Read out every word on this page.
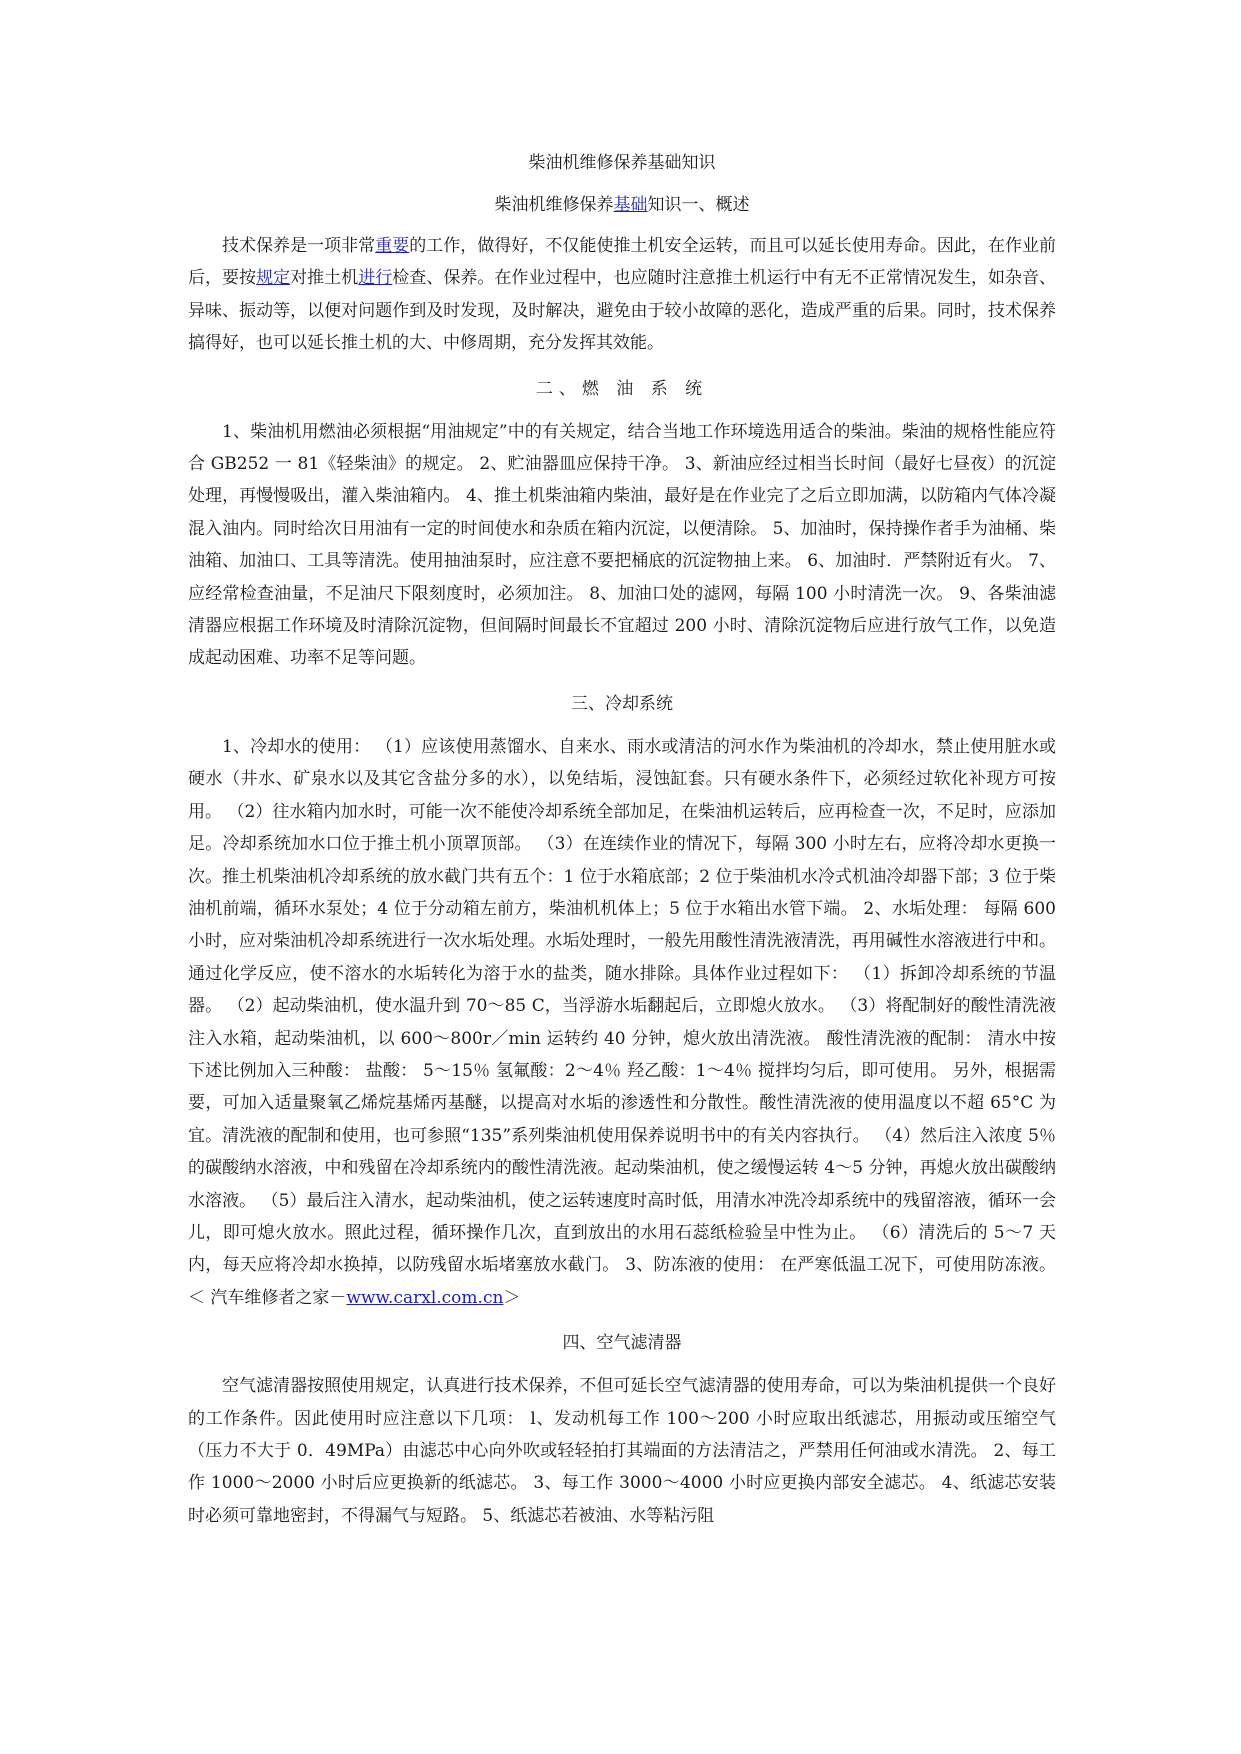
柴油机维修保养基础知识
柴油机维修保养基础知识一、概述

技术保养是一项非常重要的工作，做得好，不仅能使推土机安全运转，而且可以延长使用寿命。因此，在作业前后，要按规定对推土机进行检查、保养。在作业过程中，也应随时注意推土机运行中有无不正常情况发生，如杂音、异味、振动等，以便对问题作到及时发现，及时解决，避免由于较小故障的恶化，造成严重的后果。同时，技术保养搞得好，也可以延长推土机的大、中修周期，充分发挥其效能。

二、燃 油 系 统

1、柴油机用燃油必须根据“用油规定”中的有关规定，结合当地工作环境选用适合的柴油。柴油的规格性能应符合 GB252 一 81《轻柴油》的规定。 2、贮油器皿应保持干净。 3、新油应经过相当长时间（最好七昼夜）的沉淀处理，再慢慢吸出，灌入柴油箱内。 4、推土机柴油箱内柴油，最好是在作业完了之后立即加满，以防箱内气体冷凝混入油内。同时给次日用油有一定的时间使水和杂质在箱内沉淀，以便清除。 5、加油时，保持操作者手为油桶、柴油箱、加油口、工具等清洗。使用抽油泵时，应注意不要把桶底的沉淀物抽上来。 6、加油时．严禁附近有火。 7、应经常检查油量，不足油尺下限刻度时，必须加注。 8、加油口处的滤网，每隔 100 小时清洗一次。 9、各柴油滤清器应根据工作环境及时清除沉淀物，但间隔时间最长不宜超过 200 小时、清除沉淀物后应进行放气工作，以免造成起动困难、功率不足等问题。

三、冷却系统

1、冷却水的使用： （1）应该使用蒸馏水、自来水、雨水或清洁的河水作为柴油机的冷却水，禁止使用脏水或硬水（井水、矿泉水以及其它含盐分多的水），以免结垢，浸蚀缸套。只有硬水条件下，必须经过软化补现方可按用。 （2）往水箱内加水时，可能一次不能使冷却系统全部加足，在柴油机运转后，应再检查一次，不足时，应添加足。冷却系统加水口位于推土机小顶罩顶部。 （3）在连续作业的情况下，每隔 300 小时左右，应将冷却水更换一次。推土机柴油机冷却系统的放水截门共有五个：1 位于水箱底部；2 位于柴油机水冷式机油冷却器下部；3 位于柴油机前端，循环水泵处；4 位于分动箱左前方，柴油机机体上；5 位于水箱出水管下端。 2、水垢处理： 每隔 600 小时，应对柴油机冷却系统进行一次水垢处理。水垢处理时，一般先用酸性清洗液清洗，再用碱性水溶液进行中和。通过化学反应，使不溶水的水垢转化为溶于水的盐类，随水排除。具体作业过程如下： （1）拆卸冷却系统的节温器。 （2）起动柴油机，使水温升到 70～85 C，当浮游水垢翻起后，立即熄火放水。 （3）将配制好的酸性清洗液注入水箱，起动柴油机，以 600～800r／min 运转约 40 分钟，熄火放出清洗液。 酸性清洗液的配制： 清水中按下述比例加入三种酸： 盐酸： 5～15％ 氢氟酸：2～4％ 羟乙酸：1～4％ 搅拌均匀后，即可使用。 另外，根据需要，可加入适量聚氧乙烯烷基烯丙基醚，以提高对水垢的渗透性和分散性。酸性清洗液的使用温度以不超 65°C 为宜。清洗液的配制和使用，也可参照“135”系列柴油机使用保养说明书中的有关内容执行。 （4）然后注入浓度 5％的碳酸纳水溶液，中和残留在冷却系统内的酸性清洗液。起动柴油机，使之缓慢运转 4～5 分钟，再熄火放出碳酸纳水溶液。 （5）最后注入清水，起动柴油机，使之运转速度时高时低，用清水冲洗冷却系统中的残留溶液，循环一会儿，即可熄火放水。照此过程，循环操作几次，直到放出的水用石蕊纸检验呈中性为止。 （6）清洗后的 5～7 天内，每天应将冷却水换掉，以防残留水垢堵塞放水截门。 3、防冻液的使用： 在严寒低温工况下，可使用防冻液。 ＜ 汽车维修者之家－www.carxl.com.cn＞

四、空气滤清器

空气滤清器按照使用规定，认真进行技术保养，不但可延长空气滤清器的使用寿命，可以为柴油机提供一个良好的工作条件。因此使用时应注意以下几项： l、发动机每工作 100～200 小时应取出纸滤芯，用振动或压缩空气（压力不大于 0．49MPa）由滤芯中心向外吹或轻轻拍打其端面的方法清洁之，严禁用任何油或水清洗。 2、每工作 1000～2000 小时后应更换新的纸滤芯。 3、每工作 3000～4000 小时应更换内部安全滤芯。 4、纸滤芯安装时必须可靠地密封，不得漏气与短路。 5、纸滤芯若被油、水等粘污阻
